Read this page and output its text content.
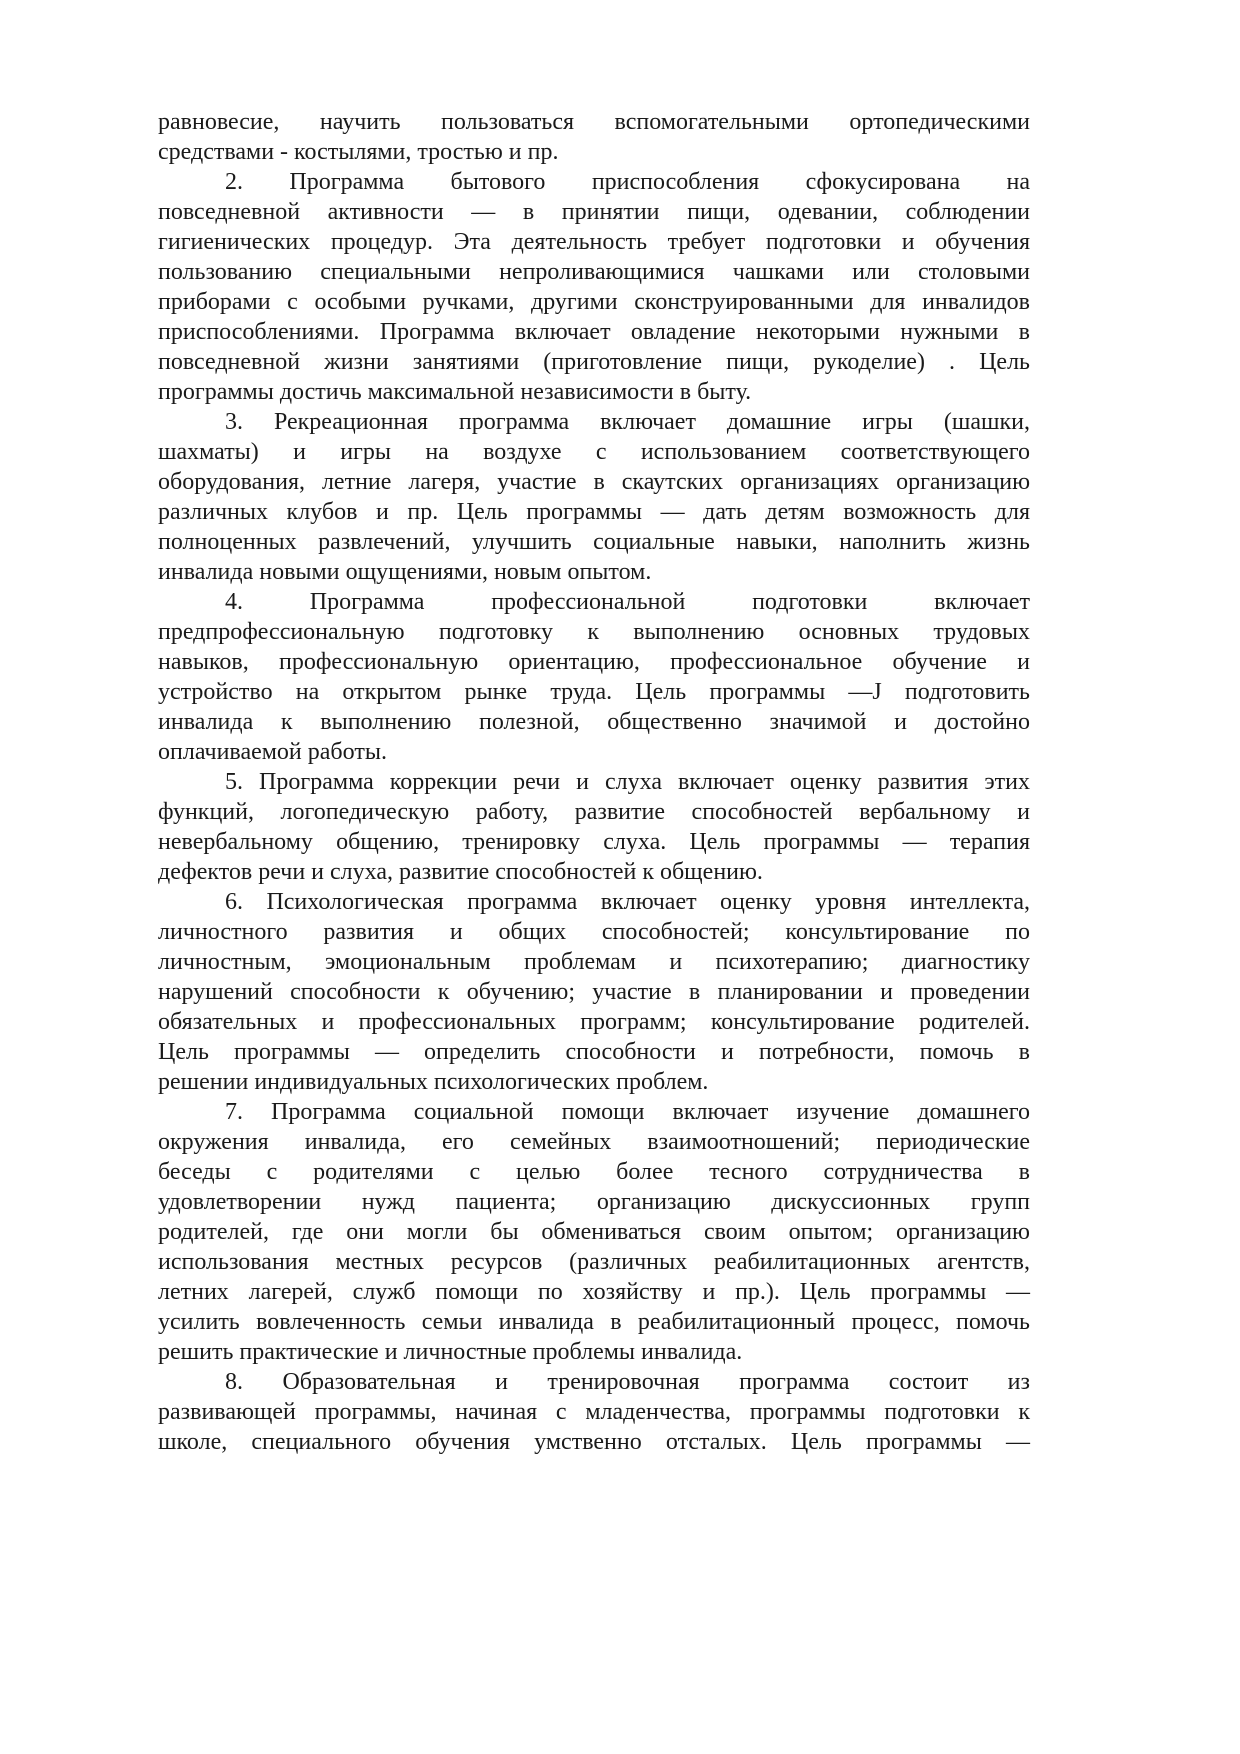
равновесие, научить пользоваться вспомогательными ортопедическими
средствами - костылями, тростью и пр.
2. Программа бытового приспособления сфокусирована на
повседневной активности — в принятии пищи, одевании, соблюдении
гигиенических процедур. Эта деятельность требует подготовки и обучения
пользованию специальными непроливающимися чашками или столовыми
приборами с особыми ручками, другими сконструированными для инвалидов
приспособлениями. Программа включает овладение некоторыми нужными в
повседневной жизни занятиями (приготовление пищи, рукоделие) . Цель
программы достичь максимальной независимости в быту.
3. Рекреационная программа включает домашние игры (шашки,
шахматы) и игры на воздухе с использованием соответствующего
оборудования, летние лагеря, участие в скаутских организациях организацию
различных клубов и пр. Цель программы — дать детям возможность для
полноценных развлечений, улучшить социальные навыки, наполнить жизнь
инвалида новыми ощущениями, новым опытом.
4. Программа профессиональной подготовки включает
предпрофессиональную подготовку к выполнению основных трудовых
навыков, профессиональную ориентацию, профессиональное обучение и
устройство на открытом рынке труда. Цель программы —J подготовить
инвалида к выполнению полезной, общественно значимой и достойно
оплачиваемой работы.
5. Программа коррекции речи и слуха включает оценку развития этих
функций, логопедическую работу, развитие способностей вербальному и
невербальному общению, тренировку слуха. Цель программы — терапия
дефектов речи и слуха, развитие способностей к общению.
6. Психологическая программа включает оценку уровня интеллекта,
личностного развития и общих способностей; консультирование по
личностным, эмоциональным проблемам и психотерапию; диагностику
нарушений способности к обучению; участие в планировании и проведении
обязательных и профессиональных программ; консультирование родителей.
Цель программы — определить способности и потребности, помочь в
решении индивидуальных психологических проблем.
7. Программа социальной помощи включает изучение домашнего
окружения инвалида, его семейных взаимоотношений; периодические
беседы с родителями с целью более тесного сотрудничества в
удовлетворении нужд пациента; организацию дискуссионных групп
родителей, где они могли бы обмениваться своим опытом; организацию
использования местных ресурсов (различных реабилитационных агентств,
летних лагерей, служб помощи по хозяйству и пр.). Цель программы —
усилить вовлеченность семьи инвалида в реабилитационный процесс, помочь
решить практические и личностные проблемы инвалида.
8. Образовательная и тренировочная программа состоит из
развивающей программы, начиная с младенчества, программы подготовки к
школе, специального обучения умственно отсталых. Цель программы —
